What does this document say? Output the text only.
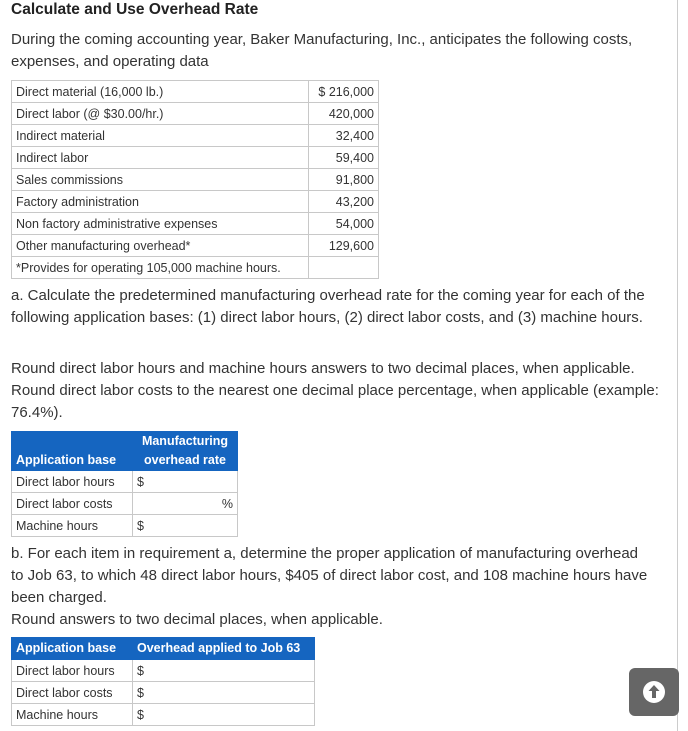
Calculate and Use Overhead Rate

During the coming accounting year, Baker Manufacturing, Inc., anticipates the following costs, expenses, and operating data

Direct material (16,000 lb.)	$ 216,000
Direct labor (@ $30.00/hr.)	420,000
Indirect material	32,400
Indirect labor	59,400
Sales commissions	91,800
Factory administration	43,200
Non factory administrative expenses	54,000
Other manufacturing overhead*	129,600
*Provides for operating 105,000 machine hours.	

a. Calculate the predetermined manufacturing overhead rate for the coming year for each of the following application bases: (1) direct labor hours, (2) direct labor costs, and (3) machine hours.

Round direct labor hours and machine hours answers to two decimal places, when applicable. Round direct labor costs to the nearest one decimal place percentage, when applicable (example: 76.4%).

Application base	Manufacturing
overhead rate

Direct labor hours	$
Direct labor costs	%
Machine hours	$

b. For each item in requirement a, determine the proper application of manufacturing overhead to Job 63, to which 48 direct labor hours, $405 of direct labor cost, and 108 machine hours have been charged.

Round answers to two decimal places, when applicable.

Application base	Overhead applied to Job 63
Direct labor hours	$
Direct labor costs	$
Machine hours	$
